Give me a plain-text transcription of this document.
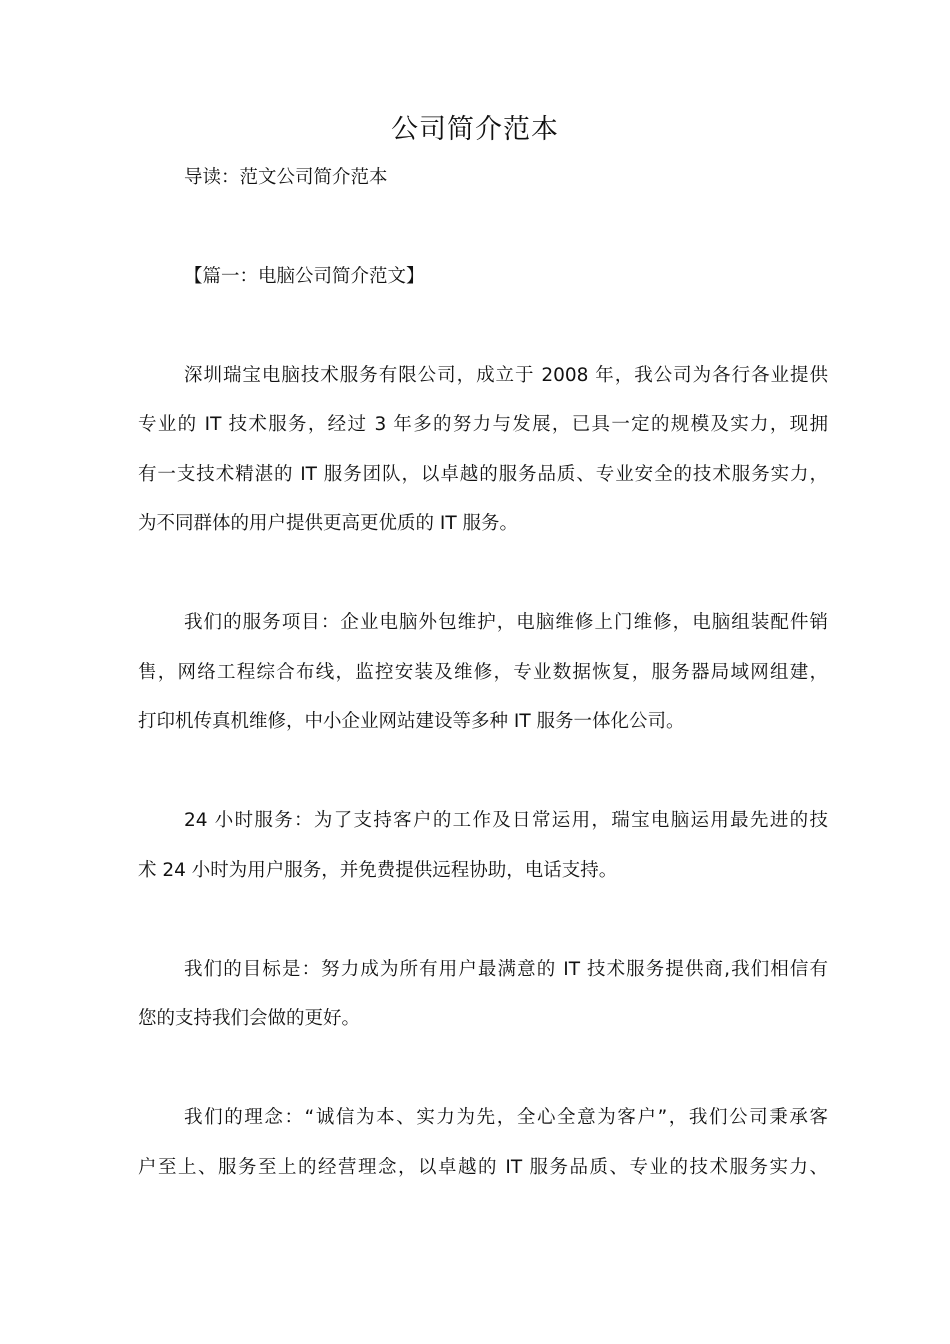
公司简介范本
导读：范文公司简介范本
【篇一：电脑公司简介范文】
深圳瑞宝电脑技术服务有限公司，成立于 2008 年，我公司为各行各业提供
专业的 IT 技术服务，经过 3 年多的努力与发展，已具一定的规模及实力，现拥
有一支技术精湛的 IT 服务团队，以卓越的服务品质、专业安全的技术服务实力，
为不同群体的用户提供更高更优质的 IT 服务。
我们的服务项目：企业电脑外包维护，电脑维修上门维修，电脑组装配件销
售，网络工程综合布线，监控安装及维修，专业数据恢复，服务器局域网组建，
打印机传真机维修，中小企业网站建设等多种 IT 服务一体化公司。
24 小时服务：为了支持客户的工作及日常运用，瑞宝电脑运用最先进的技
术 24 小时为用户服务，并免费提供远程协助，电话支持。
我们的目标是：努力成为所有用户最满意的 IT 技术服务提供商,我们相信有
您的支持我们会做的更好。
我们的理念：“诚信为本、实力为先，全心全意为客户”，我们公司秉承客
户至上、服务至上的经营理念，以卓越的 IT 服务品质、专业的技术服务实力、
